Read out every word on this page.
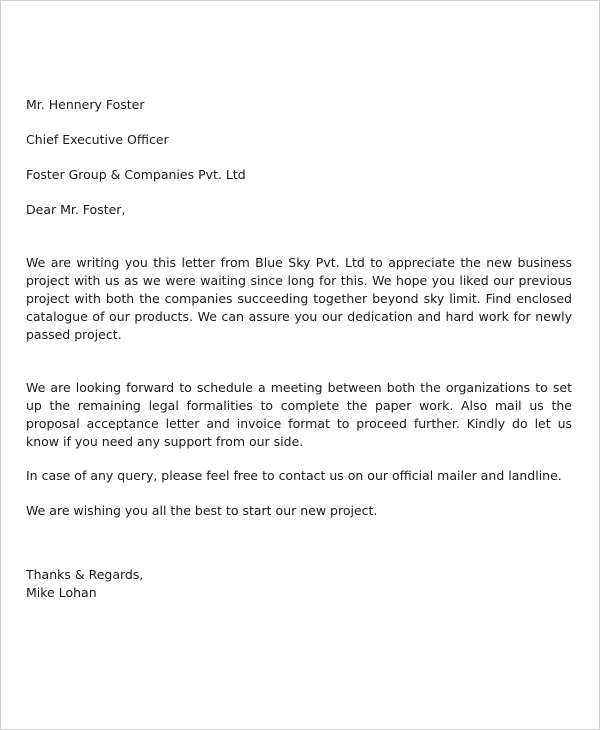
Mr. Hennery Foster

Chief Executive Officer

Foster Group & Companies Pvt. Ltd

Dear Mr. Foster,

We are writing you this letter from Blue Sky Pvt. Ltd to appreciate the new business project with us as we were waiting since long for this. We hope you liked our previous project with both the companies succeeding together beyond sky limit. Find enclosed catalogue of our products. We can assure you our dedication and hard work for newly passed project.

We are looking forward to schedule a meeting between both the organizations to set up the remaining legal formalities to complete the paper work. Also mail us the proposal acceptance letter and invoice format to proceed further. Kindly do let us know if you need any support from our side.

In case of any query, please feel free to contact us on our official mailer and landline.

We are wishing you all the best to start our new project.

Thanks & Regards,

Mike Lohan
